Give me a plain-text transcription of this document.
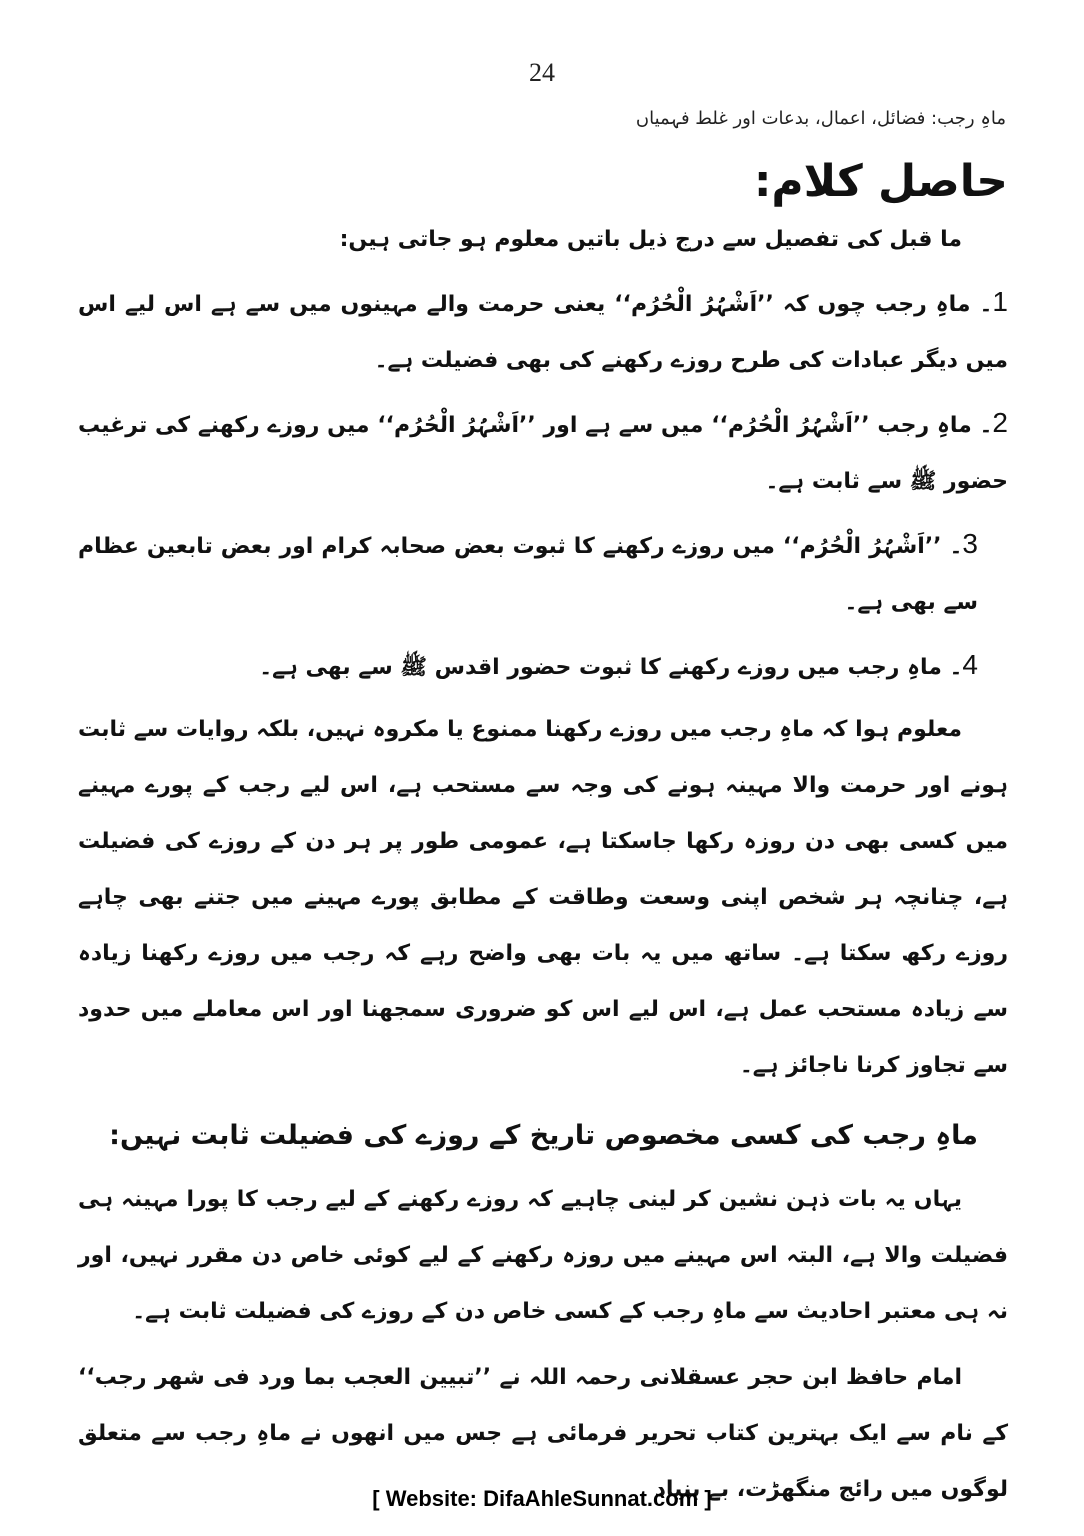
24
ماہِ رجب: فضائل، اعمال، بدعات اور غلط فہمیاں
حاصل کلام:
ما قبل کی تفصیل سے درج ذیل باتیں معلوم ہو جاتی ہیں:
1۔ ماہِ رجب چوں کہ ’’اَشْہُرُ الْحُرُم‘‘ یعنی حرمت والے مہینوں میں سے ہے اس لیے اس میں دیگر عبادات کی طرح روزے رکھنے کی بھی فضیلت ہے۔
2۔ ماہِ رجب ’’اَشْہُرُ الْحُرُم‘‘ میں سے ہے اور ’’اَشْہُرُ الْحُرُم‘‘ میں روزے رکھنے کی ترغیب حضور ﷺ سے ثابت ہے۔
3۔ ’’اَشْہُرُ الْحُرُم‘‘ میں روزے رکھنے کا ثبوت بعض صحابہ کرام اور بعض تابعین عظام سے بھی ہے۔
4۔ ماہِ رجب میں روزے رکھنے کا ثبوت حضور اقدس ﷺ سے بھی ہے۔
معلوم ہوا کہ ماہِ رجب میں روزے رکھنا ممنوع یا مکروہ نہیں، بلکہ روایات سے ثابت ہونے اور حرمت والا مہینہ ہونے کی وجہ سے مستحب ہے، اس لیے رجب کے پورے مہینے میں کسی بھی دن روزہ رکھا جاسکتا ہے، عمومی طور پر ہر دن کے روزے کی فضیلت ہے، چنانچہ ہر شخص اپنی وسعت وطاقت کے مطابق پورے مہینے میں جتنے بھی چاہے روزے رکھ سکتا ہے۔ ساتھ میں یہ بات بھی واضح رہے کہ رجب میں روزے رکھنا زیادہ سے زیادہ مستحب عمل ہے، اس لیے اس کو ضروری سمجھنا اور اس معاملے میں حدود سے تجاوز کرنا ناجائز ہے۔
ماہِ رجب کی کسی مخصوص تاریخ کے روزے کی فضیلت ثابت نہیں:
یہاں یہ بات ذہن نشین کر لینی چاہیے کہ روزے رکھنے کے لیے رجب کا پورا مہینہ ہی فضیلت والا ہے، البتہ اس مہینے میں روزہ رکھنے کے لیے کوئی خاص دن مقرر نہیں، اور نہ ہی معتبر احادیث سے ماہِ رجب کے کسی خاص دن کے روزے کی فضیلت ثابت ہے۔
امام حافظ ابن حجر عسقلانی رحمہ اللہ نے ’’تبیین العجب بما ورد فی شھر رجب‘‘ کے نام سے ایک بہترین کتاب تحریر فرمائی ہے جس میں انھوں نے ماہِ رجب سے متعلق لوگوں میں رائج منگھڑت، بے بنیاد
[ Website: DifaAhleSunnat.com ]
